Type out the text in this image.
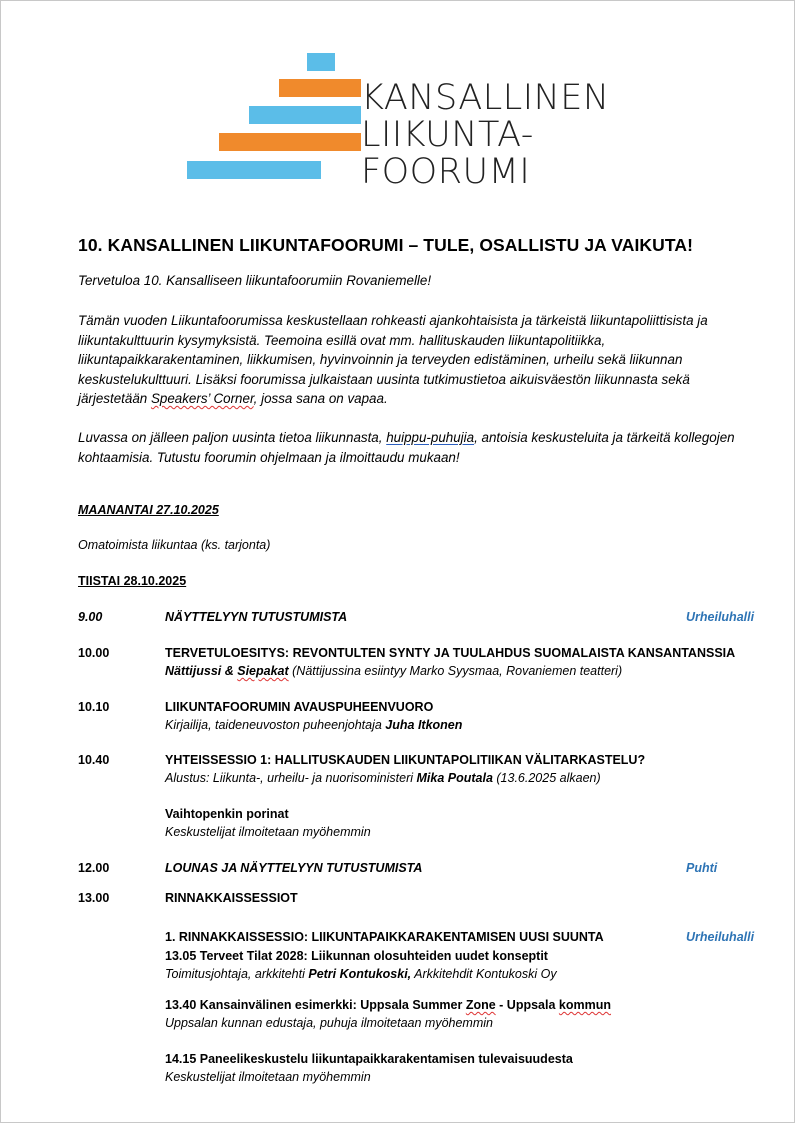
KANSALLINEN
LIIKUNTA-
FOORUMI
10. KANSALLINEN LIIKUNTAFOORUMI – TULE, OSALLISTU JA VAIKUTA!
Tervetuloa 10. Kansalliseen liikuntafoorumiin Rovaniemelle!
Tämän vuoden Liikuntafoorumissa keskustellaan rohkeasti ajankohtaisista ja tärkeistä liikuntapoliittisista ja liikuntakulttuurin kysymyksistä. Teemoina esillä ovat mm. hallituskauden liikuntapolitiikka, liikuntapaikkarakentaminen, liikkumisen, hyvinvoinnin ja terveyden edistäminen, urheilu sekä liikunnan keskustelukulttuuri. Lisäksi foorumissa julkaistaan uusinta tutkimustietoa aikuisväestön liikunnasta sekä järjestetään Speakers’ Corner, jossa sana on vapaa.
Luvassa on jälleen paljon uusinta tietoa liikunnasta, huippu-puhujia, antoisia keskusteluita ja tärkeitä kollegojen kohtaamisia. Tutustu foorumin ohjelmaan ja ilmoittaudu mukaan!
MAANANTAI 27.10.2025
Omatoimista liikuntaa (ks. tarjonta)
TIISTAI 28.10.2025
9.00	NÄYTTELYYN TUTUSTUMISTA	Urheiluhalli
10.00	TERVETULOESITYS: REVONTULTEN SYNTY JA TUULAHDUS SUOMALAISTA KANSANTANSSIA
Nättijussi & Siepakat (Nättijussina esiintyy Marko Syysmaa, Rovaniemen teatteri)
10.10	LIIKUNTAFOORUMIN AVAUSPUHEENVUORO
Kirjailija, taideneuvoston puheenjohtaja Juha Itkonen
10.40	YHTEISSESSIO 1: HALLITUSKAUDEN LIIKUNTAPOLITIIKAN VÄLITARKASTELU?
Alustus: Liikunta-, urheilu- ja nuorisoministeri Mika Poutala (13.6.2025 alkaen)
Vaihtopenkin porinat
Keskustelijat ilmoitetaan myöhemmin
12.00	LOUNAS JA NÄYTTELYYN TUTUSTUMISTA	Puhti
13.00	RINNAKKAISSESSIOT
1. RINNAKKAISSESSIO: LIIKUNTAPAIKKARAKENTAMISEN UUSI SUUNTA	Urheiluhalli
13.05 Terveet Tilat 2028: Liikunnan olosuhteiden uudet konseptit
Toimitusjohtaja, arkkitehti Petri Kontukoski, Arkkitehdit Kontukoski Oy
13.40 Kansainvälinen esimerkki: Uppsala Summer Zone - Uppsala kommun
Uppsalan kunnan edustaja, puhuja ilmoitetaan myöhemmin
14.15 Paneelikeskustelu liikuntapaikkarakentamisen tulevaisuudesta
Keskustelijat ilmoitetaan myöhemmin
